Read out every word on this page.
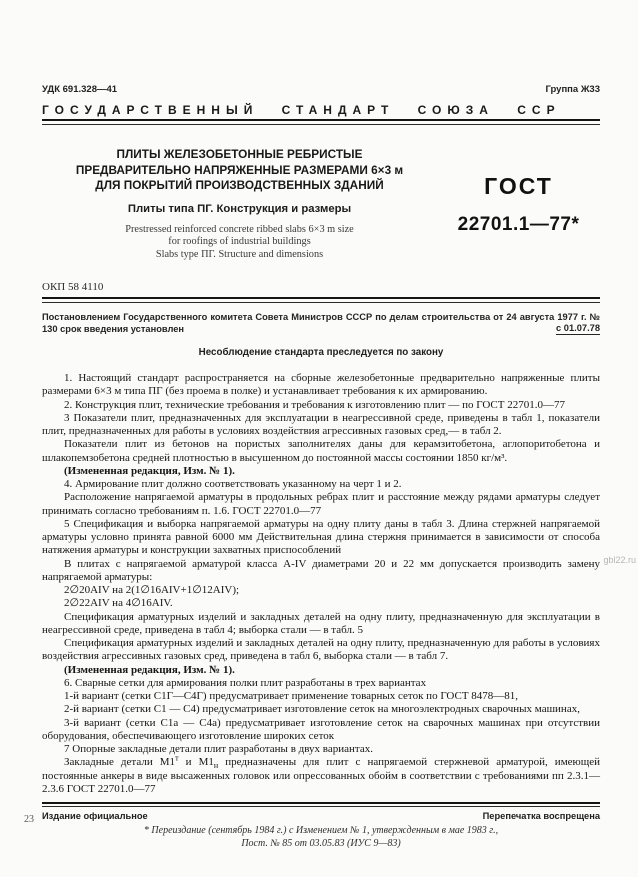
УДК 691.328—41	Группа Ж33
ГОСУДАРСТВЕННЫЙ СТАНДАРТ СОЮЗА ССР
ПЛИТЫ ЖЕЛЕЗОБЕТОННЫЕ РЕБРИСТЫЕ
ПРЕДВАРИТЕЛЬНО НАПРЯЖЕННЫЕ РАЗМЕРАМИ 6×3 м
ДЛЯ ПОКРЫТИЙ ПРОИЗВОДСТВЕННЫХ ЗДАНИЙ
Плиты типа ПГ. Конструкция и размеры
Prestressed reinforced concrete ribbed slabs 6×3 m size
for roofings of industrial buildings
Slabs type ПГ. Structure and dimensions
ГОСТ
22701.1—77*
ОКП 58 4110
Постановлением Государственного комитета Совета Министров СССР по делам строительства от 24 августа 1977 г. № 130 срок введения установлен	с 01.07.78
Несоблюдение стандарта преследуется по закону

1. Настоящий стандарт распространяется на сборные железобетонные предварительно напряженные плиты размерами 6×3 м типа ПГ (без проема в полке) и устанавливает требования к их армированию.

2. Конструкция плит, технические требования и требования к изготовлению плит — по ГОСТ 22701.0—77

3 Показатели плит, предназначенных для эксплуатации в неагрессивной среде, приведены в табл 1, показатели плит, предназначенных для работы в условиях воздействия агрессивных газовых сред,— в табл 2.

Показатели плит из бетонов на пористых заполнителях даны для керамзитобетона, аглопоритобетона и шлакопемзобетона средней плотностью в высушенном до постоянной массы состоянии 1850 кг/м³.

(Измененная редакция, Изм. № 1).

4. Армирование плит должно соответствовать указанному на черт 1 и 2.

Расположение напрягаемой арматуры в продольных ребрах плит и расстояние между рядами арматуры следует принимать согласно требованиям п. 1.6. ГОСТ 22701.0—77

5 Спецификация и выборка напрягаемой арматуры на одну плиту даны в табл 3. Длина стержней напрягаемой арматуры условно принята равной 6000 мм Действительная длина стержня принимается в зависимости от способа натяжения арматуры и конструкции захватных приспособлений

В плитах с напрягаемой арматурой класса A-IV диаметрами 20 и 22 мм допускается производить замену напрягаемой арматуры:

2∅20AIV на 2(1∅16AIV+1∅12AIV);

2∅22AIV на 4∅16AIV.

Спецификация арматурных изделий и закладных деталей на одну плиту, предназначенную для эксплуатации в неагрессивной среде, приведена в табл 4; выборка стали — в табл. 5

Спецификация арматурных изделий и закладных деталей на одну плиту, предназначенную для работы в условиях воздействия агрессивных газовых сред, приведена в табл 6, выборка стали — в табл 7.

(Измененная редакция, Изм. № 1).

6. Сварные сетки для армирования полки плит разработаны в трех вариантах

1-й вариант (сетки С1Г—С4Г) предусматривает применение товарных сеток по ГОСТ 8478—81,

2-й вариант (сетки С1 — С4) предусматривает изготовление сеток на многоэлектродных сварочных машинах,

3-й вариант (сетки С1а — С4а) предусматривает изготовление сеток на сварочных машинах при отсутствии оборудования, обеспечивающего изготовление широких сеток

7 Опорные закладные детали плит разработаны в двух вариантах.

Закладные детали $М1^т$ и $М1_н$ предназначены для плит с напрягаемой стержневой арматурой, имеющей постоянные анкеры в виде высаженных головок или опрессованных обойм в соответствии с требованиями пп 2.3.1—2.3.6 ГОСТ 22701.0—77

Издание официальное	Перепечатка воспрещена
* Переиздание (сентябрь 1984 г.) с Изменением № 1, утвержденным в мае 1983 г.,
Пост. № 85 от 03.05.83 (ИУС 9—83)
23
gbl22.ru
